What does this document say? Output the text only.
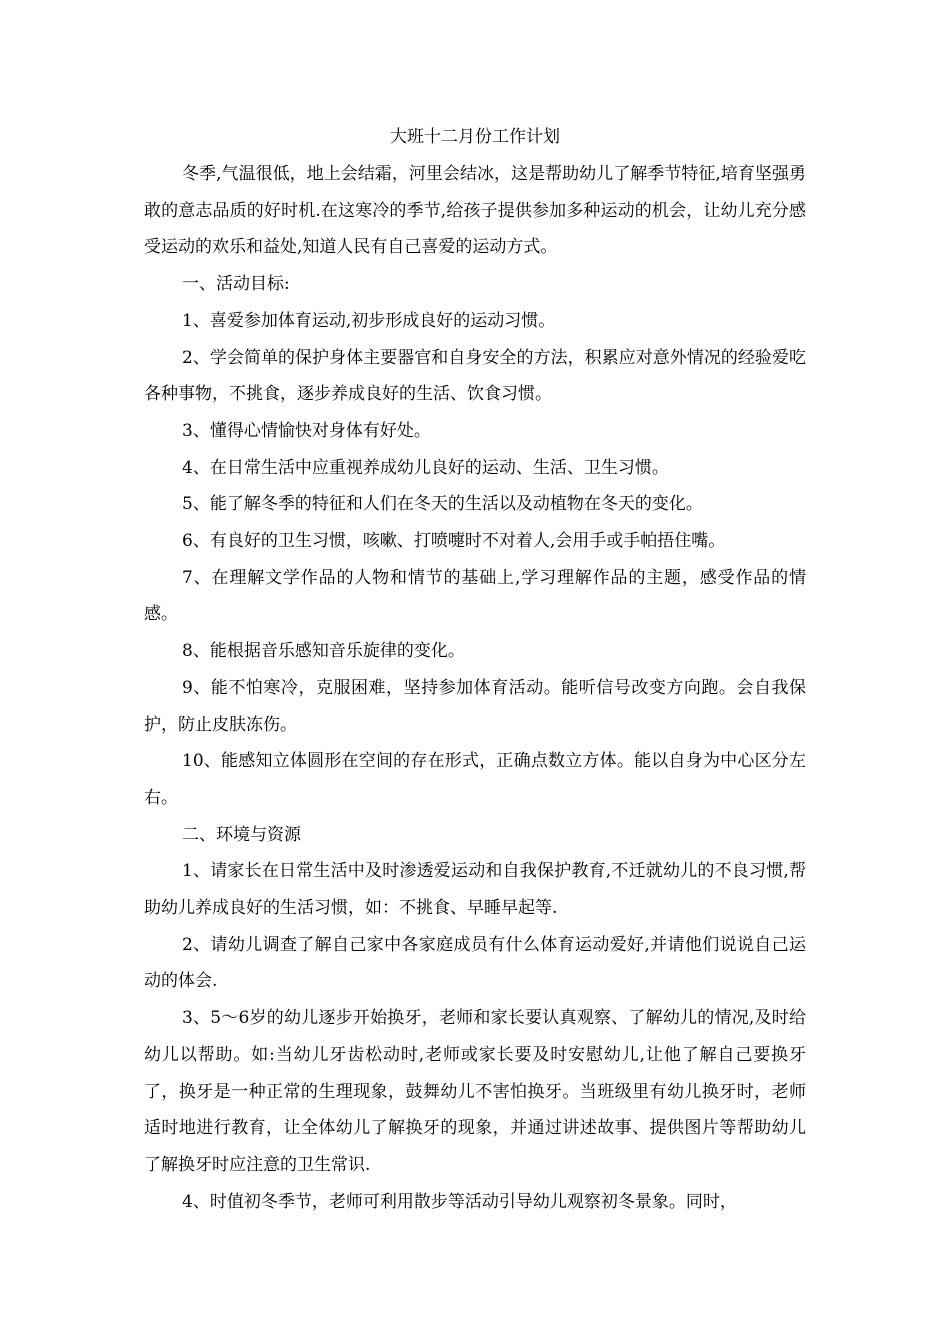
大班十二月份工作计划

冬季,气温很低，地上会结霜，河里会结冰，这是帮助幼儿了解季节特征,培育坚强勇敢的意志品质的好时机.在这寒冷的季节,给孩子提供参加多种运动的机会，让幼儿充分感受运动的欢乐和益处,知道人民有自己喜爱的运动方式。

一、活动目标:

1、喜爱参加体育运动,初步形成良好的运动习惯。

2、学会简单的保护身体主要器官和自身安全的方法，积累应对意外情况的经验爱吃各种事物，不挑食，逐步养成良好的生活、饮食习惯。

3、懂得心情愉快对身体有好处。

4、在日常生活中应重视养成幼儿良好的运动、生活、卫生习惯。

5、能了解冬季的特征和人们在冬天的生活以及动植物在冬天的变化。

6、有良好的卫生习惯，咳嗽、打喷嚏时不对着人,会用手或手帕捂住嘴。

7、在理解文学作品的人物和情节的基础上,学习理解作品的主题，感受作品的情感。

8、能根据音乐感知音乐旋律的变化。

9、能不怕寒冷，克服困难，坚持参加体育活动。能听信号改变方向跑。会自我保护，防止皮肤冻伤。

10、能感知立体圆形在空间的存在形式，正确点数立方体。能以自身为中心区分左右。

二、环境与资源

1、请家长在日常生活中及时渗透爱运动和自我保护教育,不迁就幼儿的不良习惯,帮助幼儿养成良好的生活习惯，如：不挑食、早睡早起等.

2、请幼儿调查了解自己家中各家庭成员有什么体育运动爱好,并请他们说说自己运动的体会.

3、5～6岁的幼儿逐步开始换牙，老师和家长要认真观察、了解幼儿的情况,及时给幼儿以帮助。如:当幼儿牙齿松动时,老师或家长要及时安慰幼儿,让他了解自己要换牙了，换牙是一种正常的生理现象，鼓舞幼儿不害怕换牙。当班级里有幼儿换牙时，老师适时地进行教育，让全体幼儿了解换牙的现象，并通过讲述故事、提供图片等帮助幼儿了解换牙时应注意的卫生常识.

4、时值初冬季节，老师可利用散步等活动引导幼儿观察初冬景象。同时，
